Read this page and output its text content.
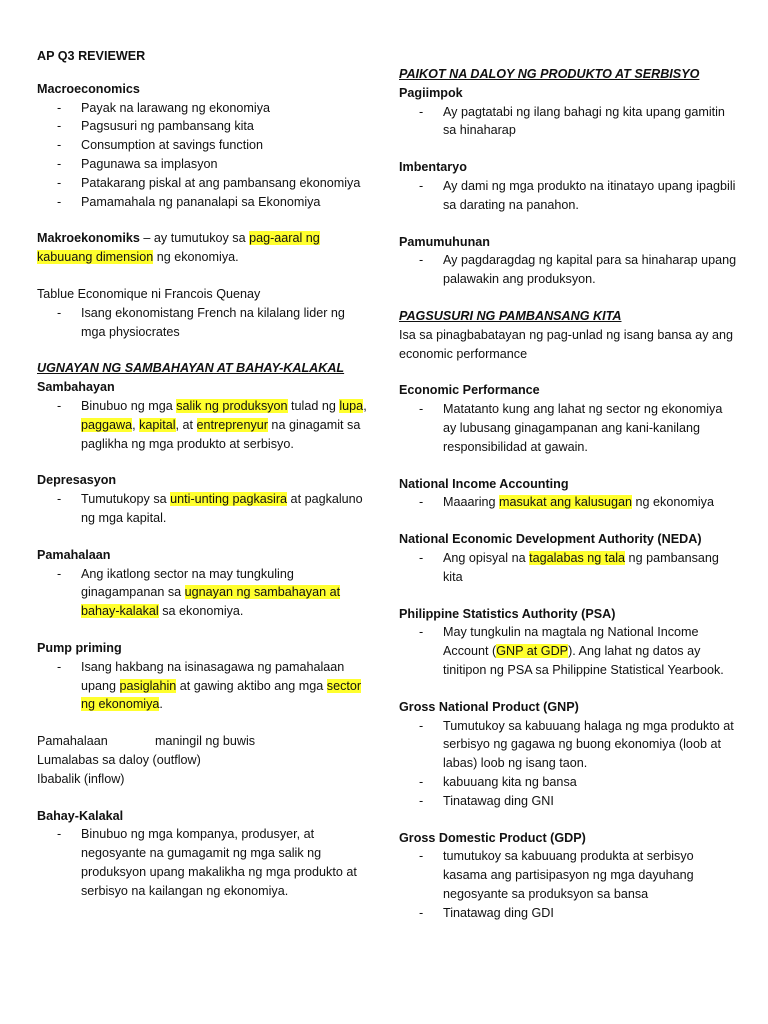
AP Q3 REVIEWER
Macroeconomics
- Payak na larawang ng ekonomiya
- Pagsusuri ng pambansang kita
- Consumption at savings function
- Pagunawa sa implasyon
- Patakarang piskal at ang pambansang ekonomiya
- Pamamahala ng pananalapi sa Ekonomiya
Makroekonomiks – ay tumutukoy sa pag-aaral ng kabuuang dimension ng ekonomiya.
Tablue Economique ni Francois Quenay
- Isang ekonomistang French na kilalang lider ng mga physiocrates
UGNAYAN NG SAMBAHAYAN AT BAHAY-KALAKAL
Sambahayan
- Binubuo ng mga salik ng produksyon tulad ng lupa, paggawa, kapital, at entreprenyur na ginagamit sa paglikha ng mga produkto at serbisyo.
Depresasyon
- Tumutukopy sa unti-unting pagkasira at pagkaluno ng mga kapital.
Pamahalaan
- Ang ikatlong sector na may tungkuling ginagampanan sa ugnayan ng sambahayan at bahay-kalakal sa ekonomiya.
Pump priming
- Isang hakbang na isinasagawa ng pamahalaan upang pasiglahin at gawing aktibo ang mga sector ng ekonomiya.
Pamahalaan	maningil ng buwis
Lumalabas sa daloy (outflow)
Ibabalik (inflow)
Bahay-Kalakal
- Binubuo ng mga kompanya, produsyer, at negosyante na gumagamit ng mga salik ng produksyon upang makalikha ng mga produkto at serbisyo na kailangan ng ekonomiya.
PAIKOT NA DALOY NG PRODUKTO AT SERBISYO
Pagiimpok
- Ay pagtatabi ng ilang bahagi ng kita upang gamitin sa hinaharap
Imbentaryo
- Ay dami ng mga produkto na itinatayo upang ipagbili sa darating na panahon.
Pamumuhunan
- Ay pagdaragdag ng kapital para sa hinaharap upang palawakin ang produksyon.
PAGSUSURI NG PAMBANSANG KITA
Isa sa pinagbabatayan ng pag-unlad ng isang bansa ay ang economic performance
Economic Performance
- Matatanto kung ang lahat ng sector ng ekonomiya ay lubusang ginagampanan ang kani-kanilang responsibilidad at gawain.
National Income Accounting
- Maaaring masukat ang kalusugan ng ekonomiya
National Economic Development Authority (NEDA)
- Ang opisyal na tagalabas ng tala ng pambansang kita
Philippine Statistics Authority (PSA)
- May tungkulin na magtala ng National Income Account (GNP at GDP). Ang lahat ng datos ay tinitipon ng PSA sa Philippine Statistical Yearbook.
Gross National Product (GNP)
- Tumutukoy sa kabuuang halaga ng mga produkto at serbisyo ng gagawa ng buong ekonomiya (loob at labas) loob ng isang taon.
- kabuuang kita ng bansa
- Tinatawag ding GNI
Gross Domestic Product (GDP)
- tumutukoy sa kabuuang produkta at serbisyo kasama ang partisipasyon ng mga dayuhang negosyante sa produksyon sa bansa
- Tinatawag ding GDI
